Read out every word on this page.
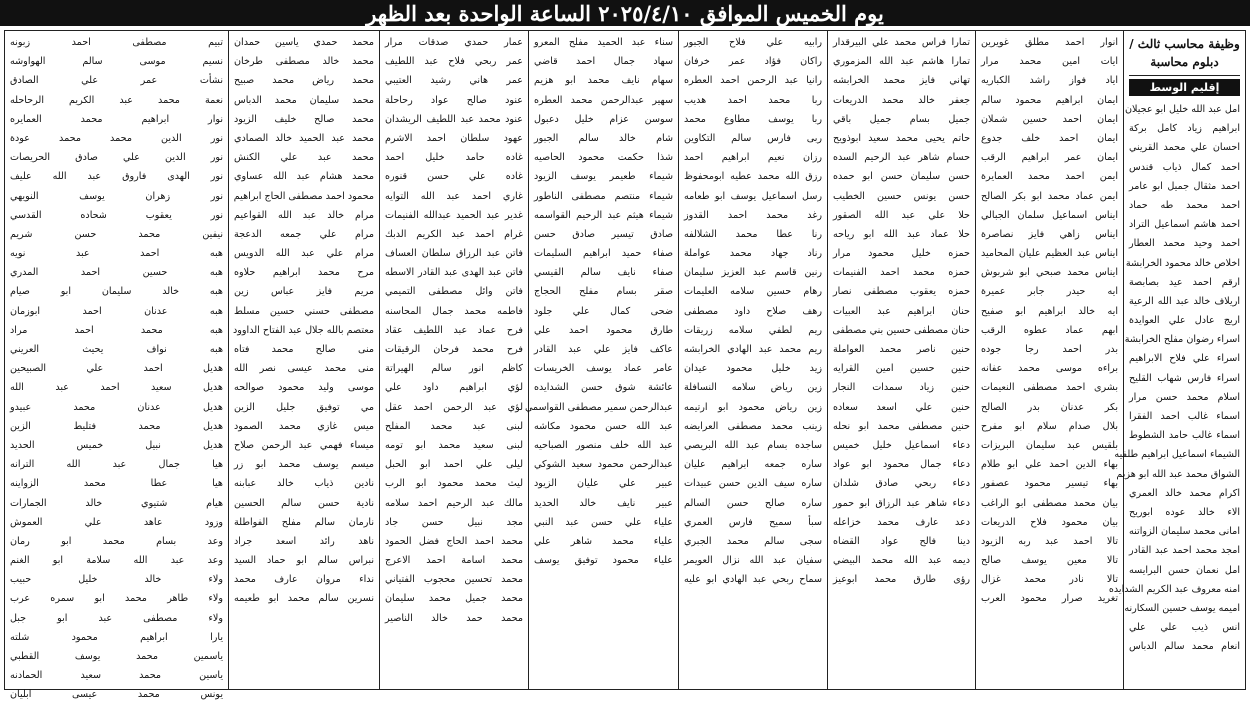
يوم الخميس الموافق ٢٠٢٥/٤/١٠ الساعة الواحدة بعد الظهر
وظيفة محاسب ثالث / دبلوم محاسبة
إقليم الوسط
امل عبد الله خليل ابو عجيلان
ابراهيم زياد كامل بركة
احسان علي محمد القريني
احمد كمال ذياب قندس
احمد مثقال جميل ابو عامر
احمد محمد طه حماد
احمد هاشم اسماعيل التراد
احمد وحيد محمد العطار
اخلاص خالد محمود الخرابشة
ارقم احمد عيد بصابصة
اريلاف خالد عبد الله الرعية
اريج عادل علي العوايدة
اسراء رضوان مفلح الخرابشة
اسراء علي فلاح الابراهيم
اسراء فارس شهاب القليح
اسلام محمد حسن مرار
اسماء غالب احمد الفقرا
اسماء غالب حامد الشطوط
الشيماء اسماعيل ابراهيم طلفيه
الشواق محمد عبد الله ابو هزيم
اكرام محمد خالد العمري
الاء خالد عوده ابوريح
امانى محمد سليمان الزواتنه
امجد محمد احمد عبد القادر
امل نعمان حسن البرايسه
امنه معروف عبد الكريم الشدايده
اميمه يوسف حسين السكارنه
انس ذيب علي علي
انعام محمد سالم الدباس
انوار احمد مطلق غويرين
ايات امين محمد مرار
اياد فواز راشد الكباريه
ايمان ابراهيم محمود سالم
ايمان احمد حسين شملان
ايمان احمد خلف جدوع
ايمان عمر ابراهيم الرقب
ايمن احمد محمد العمايرة
ايمن عماد محمد ابو بكر الصالح
ايناس اسماعيل سلمان الجبالي
ايناس زاهي فايز نصاصرة
ايناس عبد العظيم عليان المحاميد
ايناس محمد صبحي ابو شربوش
ايه حيدر جابر عميرة
ايه خالد ابراهيم ابو صفيح
ابهم عماد عطوه الرقب
بدر احمد رجا جوده
براءه موسى محمد عفانه
بشرى احمد مصطفى النعيمات
بكر عدنان بدر الصالح
بلال صدام سلام ابو مفرح
بلقيس عبد سليمان البريزات
بهاء الدين احمد علي ابو طلام
بهاء تيسير محمود عصفور
بيان محمد مصطفى ابو الراغب
بيان محمود فلاح الدريعات
تالا احمد عبد ربه الزيود
تالا معين يوسف صالح
تالا نادر محمد غزال
تغريد صرار محمود العرب
تمارا فراس محمد علي البيرقدار
تمارا هاشم عبد الله المزموري
تهاني فايز محمد الخرابشه
جعفر خالد محمد الدريعات
جميل بسام جميل باقي
حاتم يحيى محمد سعيد ابوذويح
حسام شاهر عبد الرحيم السده
حسن سليمان حسن ابو حمده
حسن يونس حسين الخطيب
حلا علي عبد الله الصقور
حلا عماد عبد الله ابو رياحه
حمزه خليل محمود مرار
حمزه محمد احمد الفنيمات
حمزه يعقوب مصطفى نصار
حنان ابراهيم عبد العبيات
حنان مصطفى حسين بني مصطفى
حنين ناصر محمد العواملة
حنين حسين امين القرايه
حنين زياد سمدات النجار
حنين علي اسعد سعاده
حنين مصطفى محمد ابو نحله
دعاء اسماعيل خليل خميس
دعاء جمال محمود ابو عواد
دعاء ربحي صادق شلدان
دعاء شاهر عبد الرزاق ابو حمور
دعد عارف محمد خزاعله
دينا فالح عواد القضاه
ديمه عبد الله محمد البيضي
رؤى طارق محمد ابوعيز
رابيه علي فلاح الجبور
راكان فؤاد عمر خرفان
رانيا عبد الرحمن احمد العطره
ربا محمد احمد هديب
ربا يوسف مطاوع محمد
ربى فارس سالم التكاوين
رزان نعيم ابراهيم احمد
رزق الله محمد عطيه ابومحفوظ
رسل اسماعيل يوسف ابو طعامه
رغد محمد احمد القدوز
رنا عطا محمد الشلالفه
رناد جهاد محمد عواملة
رنين قاسم عبد العزيز سليمان
رهام حسين سلامه العليمات
رهف صلاح داود مصطفى
ريم لطفي سلامه زريقات
ريم محمد عبد الهادي الخرابشه
زيد خليل محمود عيدان
زين رياض سلامه النسافلة
زين رياض محمود ابو ارتيمه
زينب محمد مصطفى العرايضه
ساجده بسام عبد الله البريصي
ساره جمعه ابراهيم عليان
ساره سيف الدين حسن عبيدات
ساره صالح حسن السالم
سبأ سميح فارس العمري
سجى سالم محمد الجبري
سفيان عبد الله نزال العويمر
سماح ربحي عبد الهادي ابو عليه
سناء عبد الحميد مفلح المعرو
سهاد جمال احمد قاضي
سهام نايف محمد ابو هزيم
سهير عبدالرحمن محمد العطره
سوسن عزام خليل دعبول
شام خالد سالم الجبور
شذا حكمت محمود الحاصيه
شيماء طعيمر يوسف الزيود
شيماء منتصم مصطفى الناطور
شيماء هيثم عبد الرحيم القواسمه
صادق تيسير صادق حسن
صفاء حميد ابراهيم السليمات
صفاء نايف سالم القيسي
صقر بسام مفلح الحجاج
ضحى كمال علي جلود
طارق محمود احمد علي
عاكف فايز علي عبد القادر
عامر عماد يوسف الخريسات
عائشة شوق حسن الشدايده
عبدالرحمن سمير مصطفى القواسمي
عبد الله حسن محمود مكاشه
عبد الله خلف منصور الصباحيه
عبدالرحمن محمود سعيد الشوكي
عبير علي عليان الزيود
عبير نايف خالد الحديد
علياء علي حسن عبد النبي
علياء محمد شاهر علي
علياء محمود توفيق يوسف
عمار حمدي صدقات مرار
عمر ربحي فلاح عبد اللطيف
عمر هاني رشيد العتيبي
عنود صالح عواد رحاحلة
عنود محمد عبد اللطيف الريشدان
عهود سلطان احمد الاشرم
غاده حامد خليل احمد
غاده علي حسن قنوره
غاري احمد عبد الله التوايه
غدير عبد الحميد عبدالله الفنيمات
غرام احمد عبد الكريم الدبك
فاتن عبد الرزاق سلطان العساف
فاتن عبد الهدى عبد القادر الاسطه
فاتن وائل مصطفى التميمي
فاطمه محمد جمال المحاسنه
فرح عماد عبد اللطيف عقاد
فرح محمد فرحان الرقيقات
كاظم انور سالم الهيراتة
لؤي ابراهيم داود علي
لؤي عبد الرحمن احمد عقل
لبنى عبد محمد المفلح
لبنى سعيد محمد ابو تومه
ليلى علي احمد ابو الحبل
ليث محمد محمود ابو الرب
مالك عبد الرحيم احمد سلامه
مجد نبيل حسن جاد
محمد احمد الحاج فضل الحمود
محمد اسامة احمد الاعرج
محمد تحسين محجوب الفتياني
محمد جميل محمد سليمان
محمد حمد خالد الناصير
محمد حمدي ياسين حمدان
محمد خالد مصطفى طرخان
محمد رياض محمد صبيح
محمد سليمان محمد الدباس
محمد صالح خليف الزيود
محمد عبد الحميد خالد الصمادي
محمد عبد علي الكنش
محمد هشام عبد الله عساوي
محمود احمد مصطفى الحاج ابراهيم
مرام خالد عبد الله القواعيم
مرام علي جمعه الدعجة
مرام علي عبد الله الدويس
مرح محمد ابراهيم حلاوه
مريم فايز عباس زين
مصطفى حسني حسين مسلط
معتصم بالله جلال عبد الفتاح الداوود
منى صالح محمد فتاه
منى محمد عيسى نصر الله
موسى وليد محمود صوالحه
مي توفيق جليل الزين
ميس غازي محمد الصمود
ميساء فهمي عبد الرحمن صلاح
ميسم يوسف محمد ابو زر
نادين ذياب خالد عبابنه
نادية حسن سالم الحسين
نارمان سالم مفلح الفواطلة
ناهد رائد اسعد جراد
نبراس سالم ابو حماد السيد
نداء مروان عارف محمد
نسرين سالم محمد ابو طعيمه
تبيم مصطفى احمد زبونه
نسيم موسى سالم الهواوشه
نشأت عمر علي الصادق
نعمة محمد عبد الكريم الرحاحله
نوار ابراهيم محمد العمايره
نور الدين محمد محمد عودة
نور الدين علي صادق الحريصات
نور الهدى فاروق عبد الله عليف
نور زهران يوسف النويهي
نور يعقوب شحاده القدسي
نيفين محمد حسن شريم
هبه احمد عبد نويه
هبه حسين احمد المدري
هبه خالد سليمان ابو صيام
هبه عدنان احمد ابوزمان
هبه محمد احمد مراد
هبه نواف يحيث العريني
هديل احمد علي الصبيحين
هديل سعيد احمد عبد الله
هديل عدنان محمد عبيدو
هديل محمد فتليط الزين
هديل نبيل خميس الحديد
هيا جمال عبد الله الترانه
هيا عطا محمد الزواينه
هيام شتيوي خالد الجمارات
وزود عاهد علي العموش
وعد بسام محمد ابو رمان
وعد عبد الله سلامة ابو الغنم
ولاء خالد خليل حبيب
ولاء طاهر محمد ابو سمره عرب
ولاء مصطفى عبد ابو جبل
يارا ابراهيم محمود شلته
ياسمين محمد يوسف القطبي
ياسين محمد سعيد الحمادنه
يونس محمد عيسى ابليان
